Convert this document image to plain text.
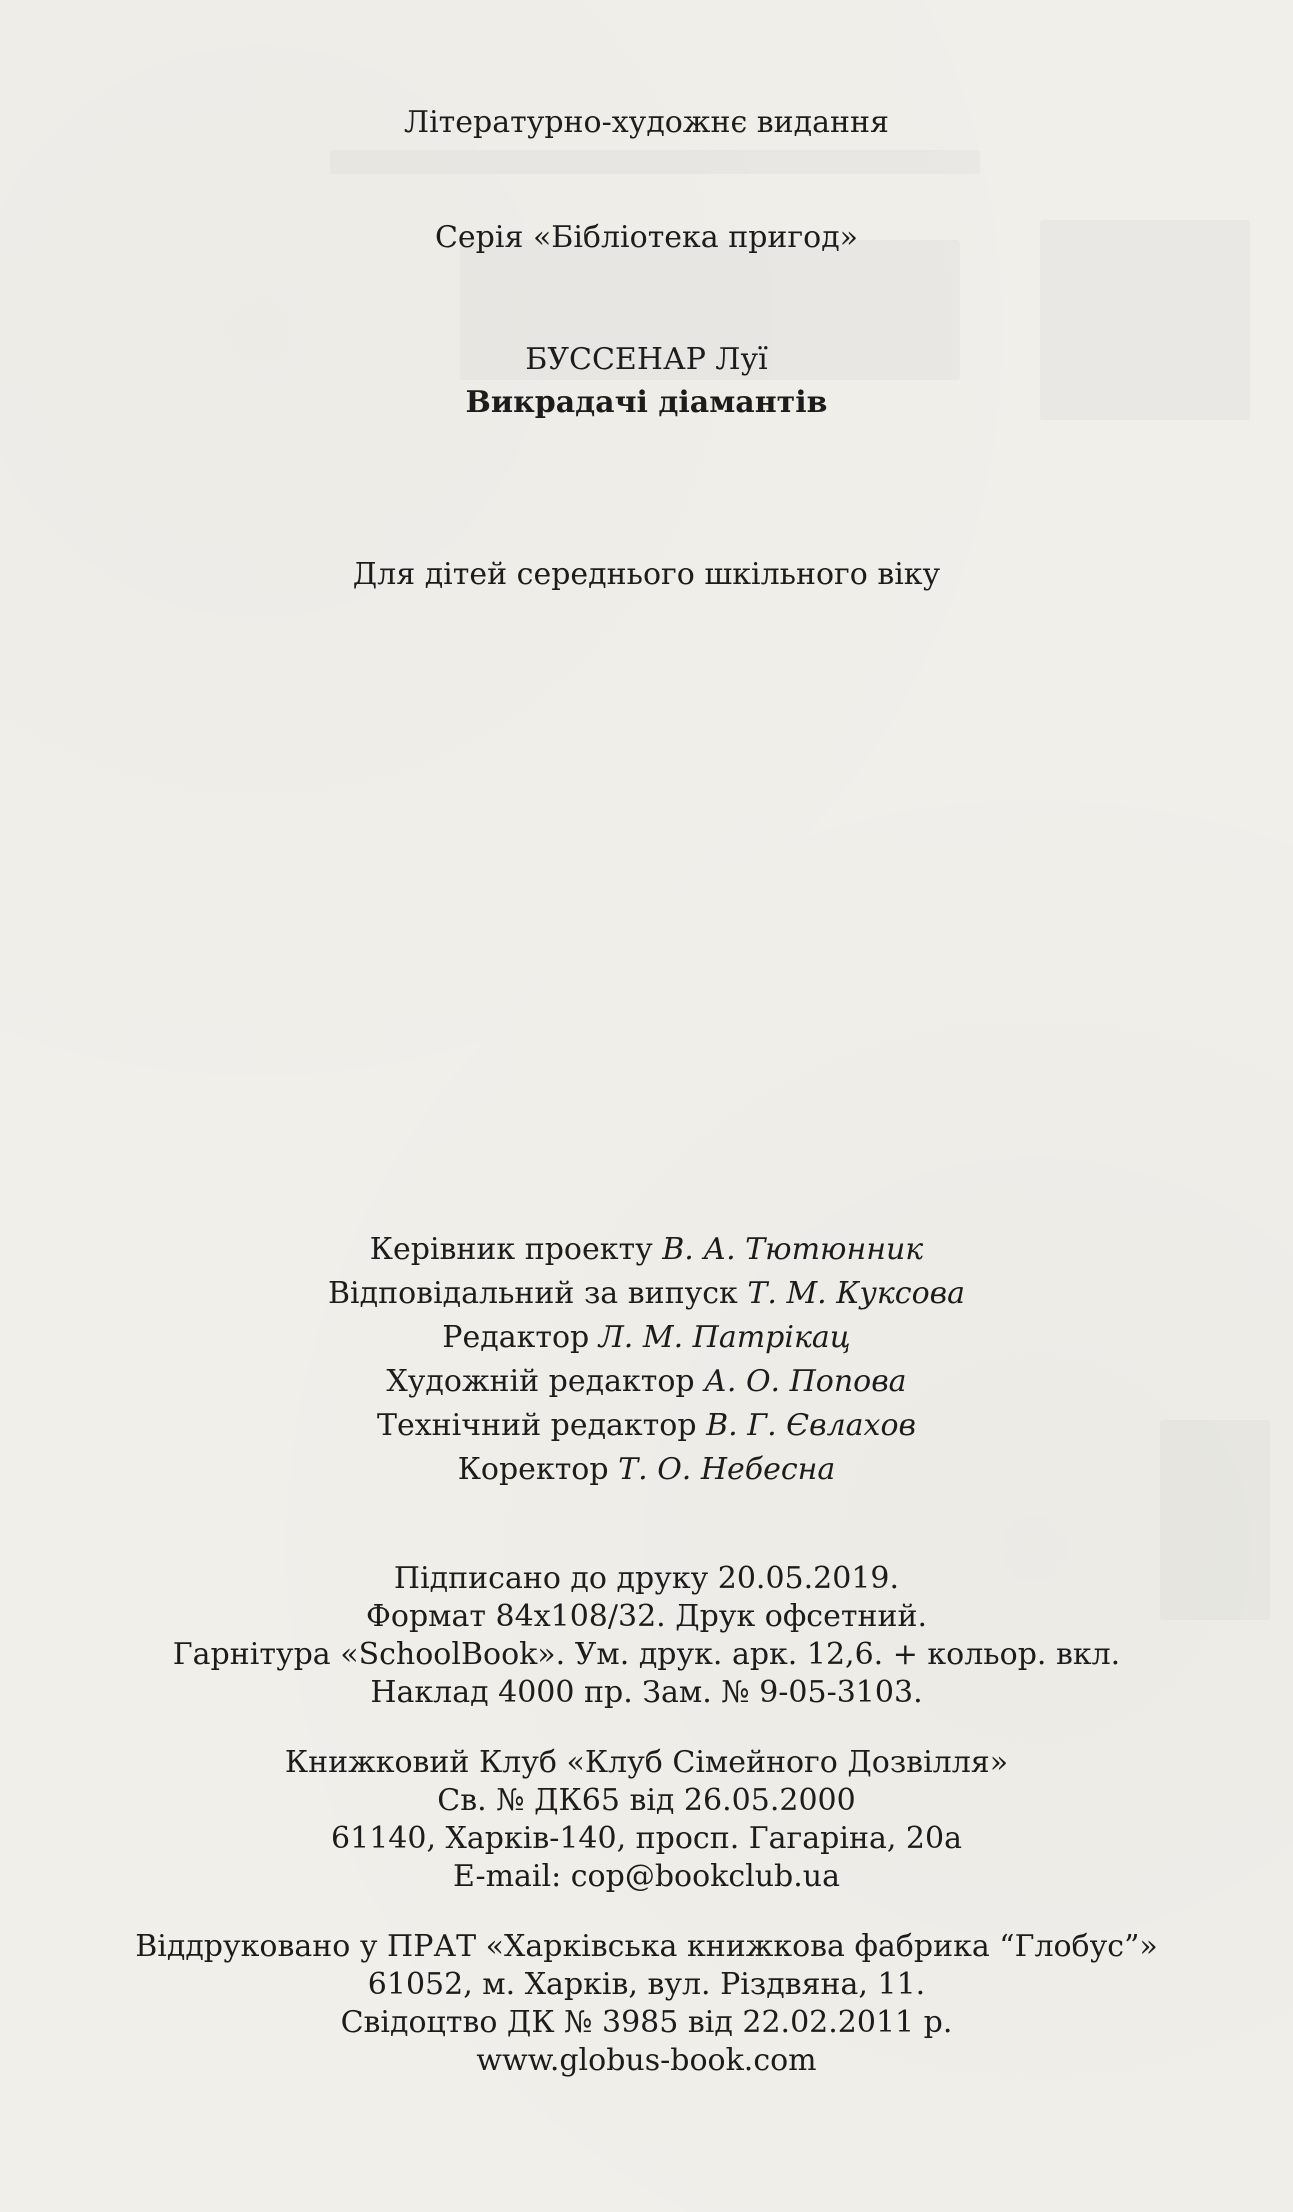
Літературно-художнє видання
Серія «Бібліотека пригод»
БУССЕНАР Луї
Викрадачі діамантів
Для дітей середнього шкільного віку
Керівник проекту В. А. Тютюнник
Відповідальний за випуск Т. М. Куксова
Редактор Л. М. Патрікац
Художній редактор А. О. Попова
Технічний редактор В. Г. Євлахов
Коректор Т. О. Небесна
Підписано до друку 20.05.2019.
Формат 84x108/32. Друк офсетний.
Гарнітура «SchoolBook». Ум. друк. арк. 12,6. + кольор. вкл.
Наклад 4000 пр. Зам. № 9-05-3103.
Книжковий Клуб «Клуб Сімейного Дозвілля»
Св. № ДК65 від 26.05.2000
61140, Харків-140, просп. Гагаріна, 20а
E-mail: cop@bookclub.ua
Віддруковано у ПРАТ «Харківська книжкова фабрика “Глобус”»
61052, м. Харків, вул. Різдвяна, 11.
Свідоцтво ДК № 3985 від 22.02.2011 р.
www.globus-book.com
